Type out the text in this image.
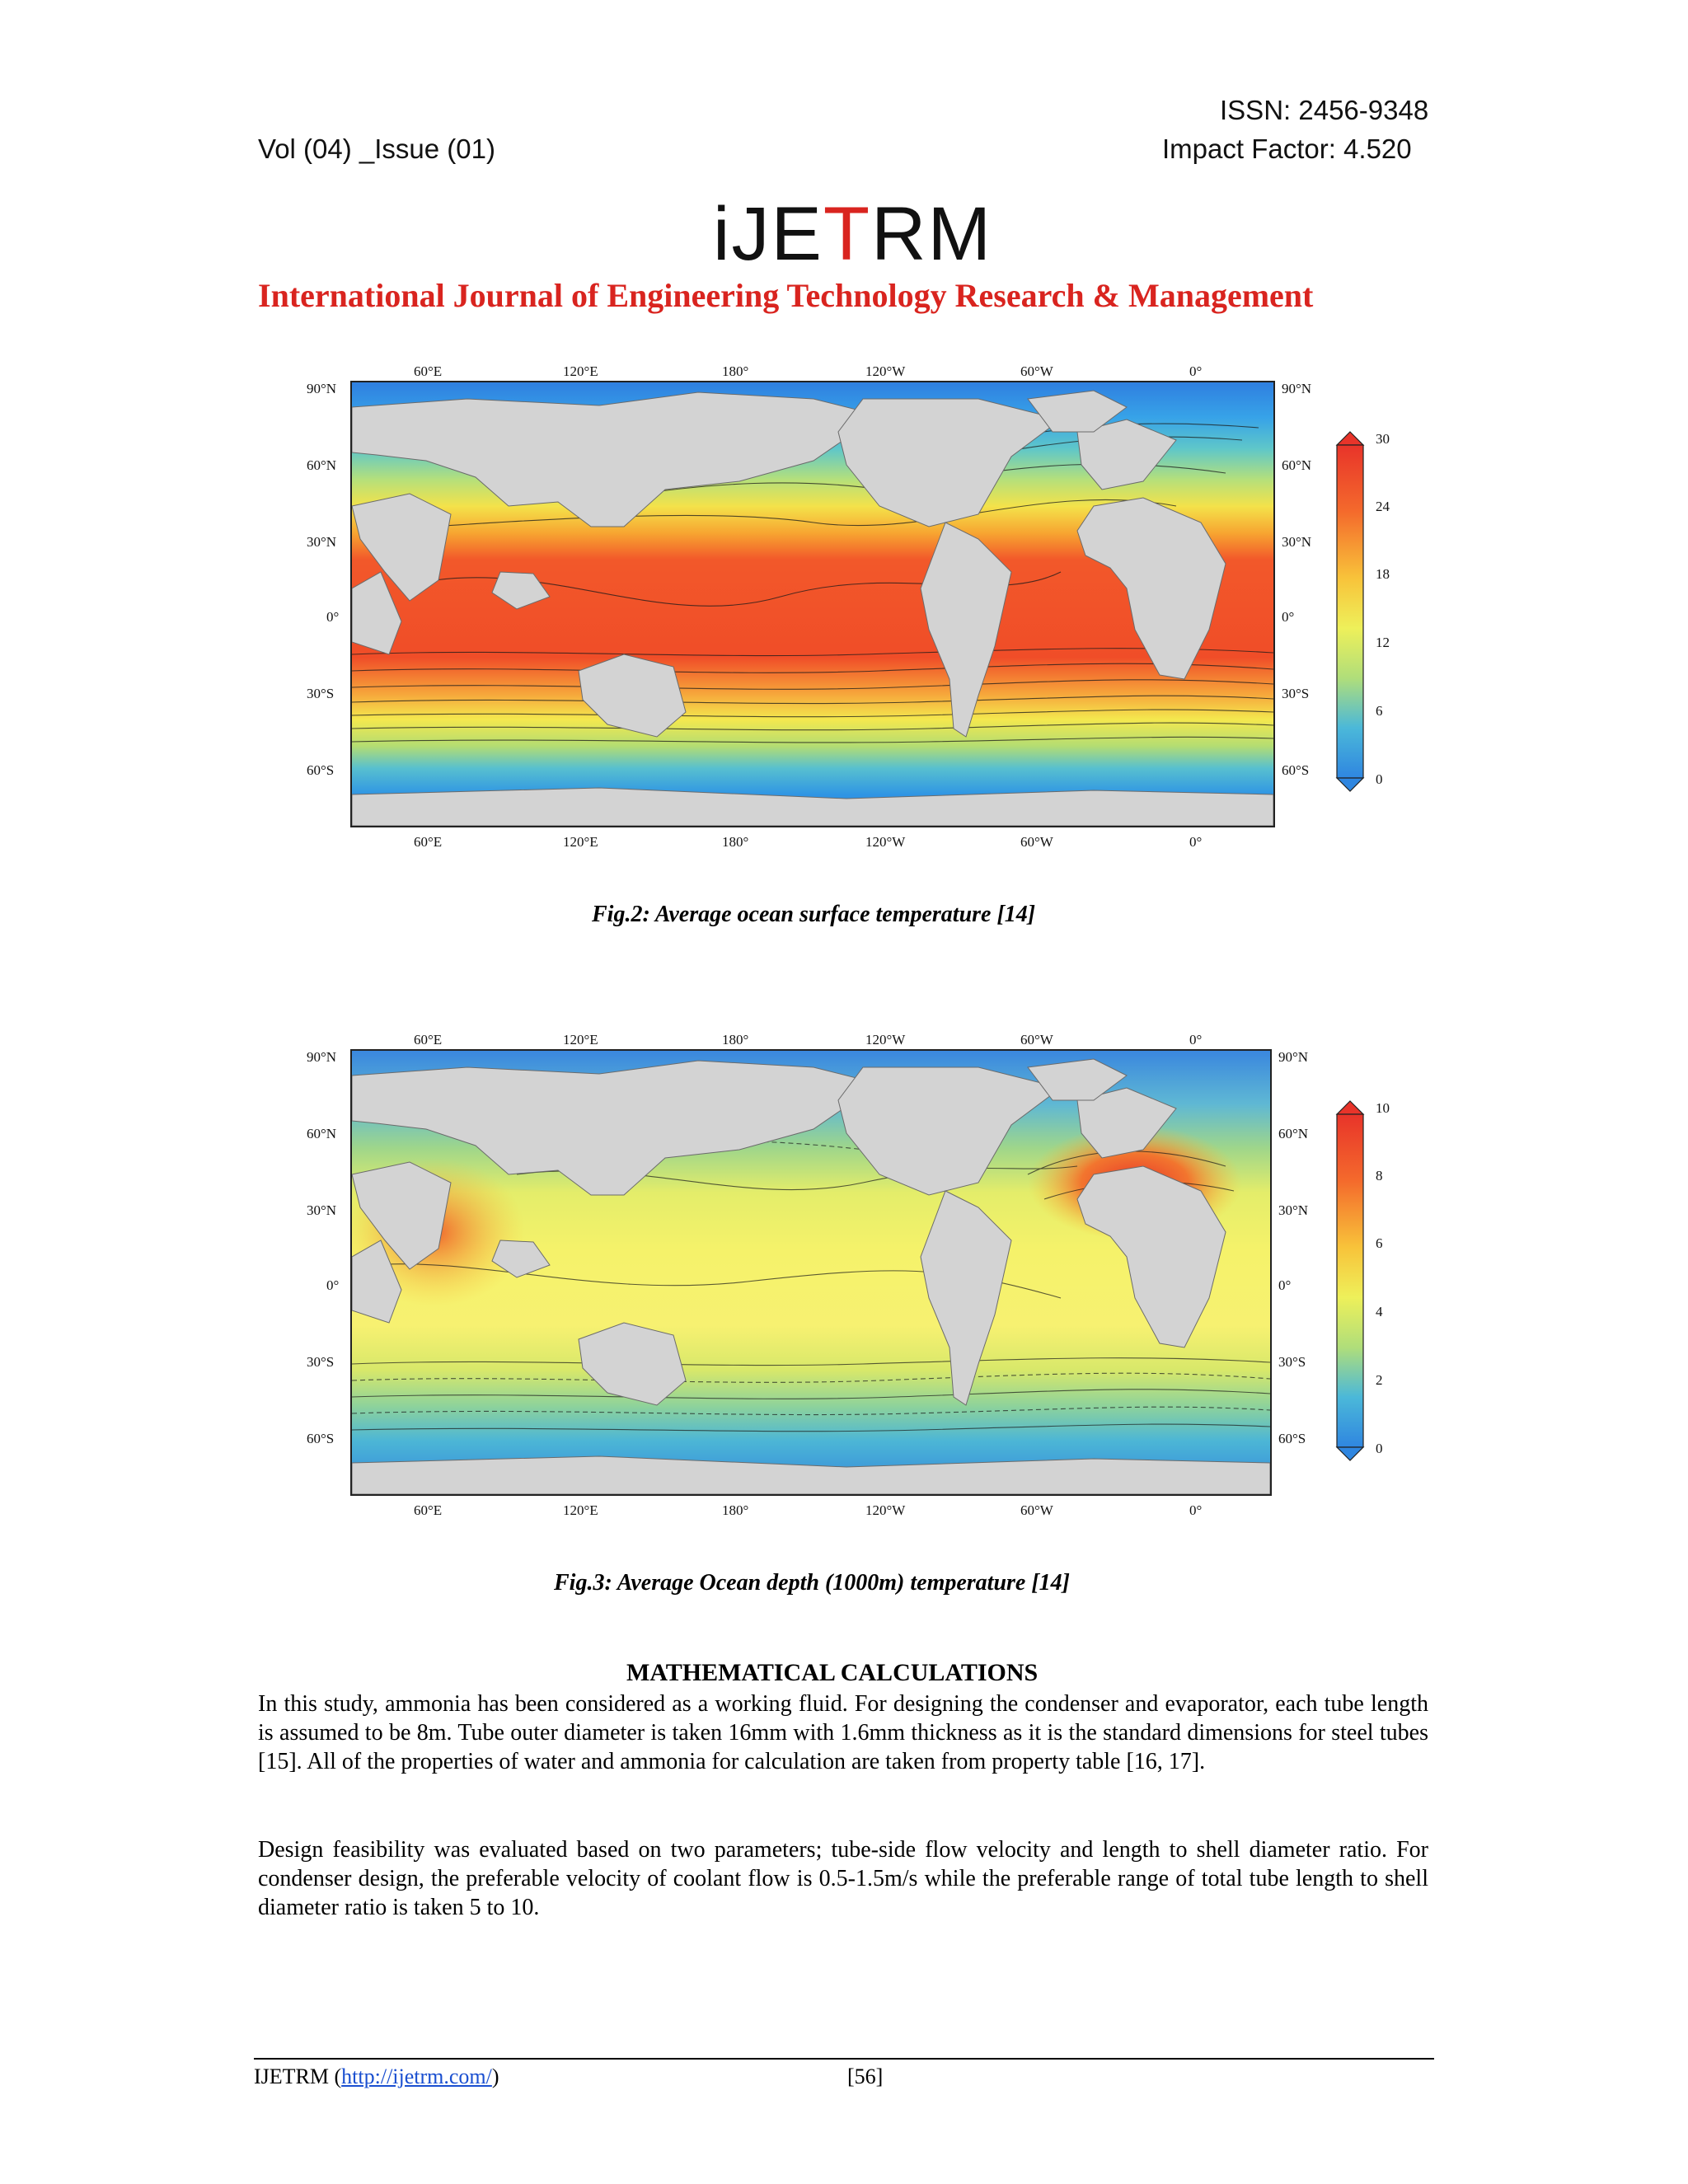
ISSN: 2456-9348
Vol (04) _Issue (01)	Impact Factor: 4.520
iJETRM
International Journal of Engineering Technology Research & Management
60°E	120°E	180°	120°W	60°W	0°
60°E	120°E	180°	120°W	60°W	0°
90°N
60°N
30°N
0°
30°S
60°S
90°N
60°N
30°N
0°
30°S
60°S
30
24
18
12
6
0
Fig.2: Average ocean surface temperature [14]
60°E	120°E	180°	120°W	60°W	0°
60°E	120°E	180°	120°W	60°W	0°
90°N
60°N
30°N
0°
30°S
60°S
90°N
60°N
30°N
0°
30°S
60°S
10
8
6
4
2
0
Fig.3: Average Ocean depth (1000m) temperature [14]
MATHEMATICAL CALCULATIONS
In this study, ammonia has been considered as a working fluid. For designing the condenser and evaporator, each tube length is assumed to be 8m. Tube outer diameter is taken 16mm with 1.6mm thickness as it is the standard dimensions for steel tubes [15]. All of the properties of water and ammonia for calculation are taken from property table [16, 17].
Design feasibility was evaluated based on two parameters; tube-side flow velocity and length to shell diameter ratio. For condenser design, the preferable velocity of coolant flow is 0.5-1.5m/s while the preferable range of total tube length to shell diameter ratio is taken 5 to 10.
IJETRM (http://ijetrm.com/)	[56]
